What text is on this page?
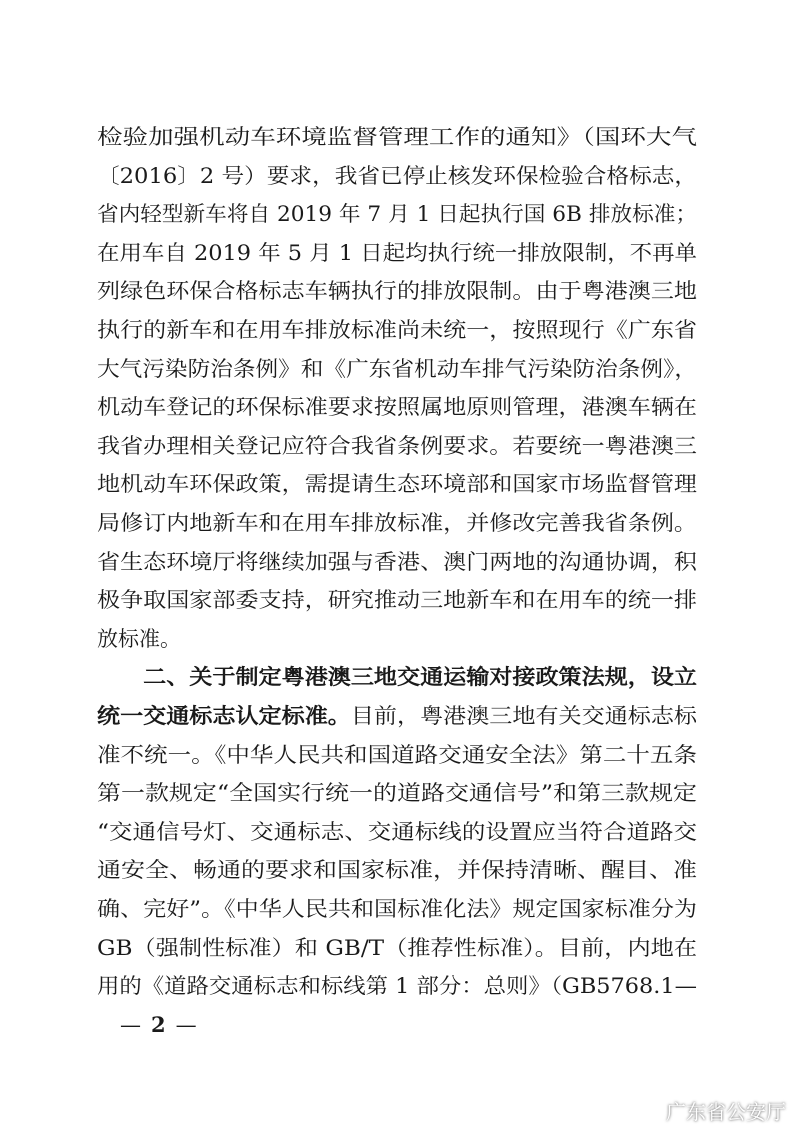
检验加强机动车环境监督管理工作的通知》（国环大气
〔2016〕2 号）要求，我省已停止核发环保检验合格标志，
省内轻型新车将自 2019 年 7 月 1 日起执行国 6B 排放标准；
在用车自 2019 年 5 月 1 日起均执行统一排放限制，不再单
列绿色环保合格标志车辆执行的排放限制。由于粤港澳三地
执行的新车和在用车排放标准尚未统一，按照现行《广东省
大气污染防治条例》和《广东省机动车排气污染防治条例》，
机动车登记的环保标准要求按照属地原则管理，港澳车辆在
我省办理相关登记应符合我省条例要求。若要统一粤港澳三
地机动车环保政策，需提请生态环境部和国家市场监督管理
局修订内地新车和在用车排放标准，并修改完善我省条例。
省生态环境厅将继续加强与香港、澳门两地的沟通协调，积
极争取国家部委支持，研究推动三地新车和在用车的统一排
放标准。
　　二、关于制定粤港澳三地交通运输对接政策法规，设立
统一交通标志认定标准。目前，粤港澳三地有关交通标志标
准不统一。《中华人民共和国道路交通安全法》第二十五条
第一款规定“全国实行统一的道路交通信号”和第三款规定
“交通信号灯、交通标志、交通标线的设置应当符合道路交
通安全、畅通的要求和国家标准，并保持清晰、醒目、准
确、完好”。《中华人民共和国标准化法》规定国家标准分为
GB（强制性标准）和 GB/T（推荐性标准）。目前，内地在
用的《道路交通标志和标线第 1 部分：总则》（GB5768.1—
— 2 —
广东省公安厅
